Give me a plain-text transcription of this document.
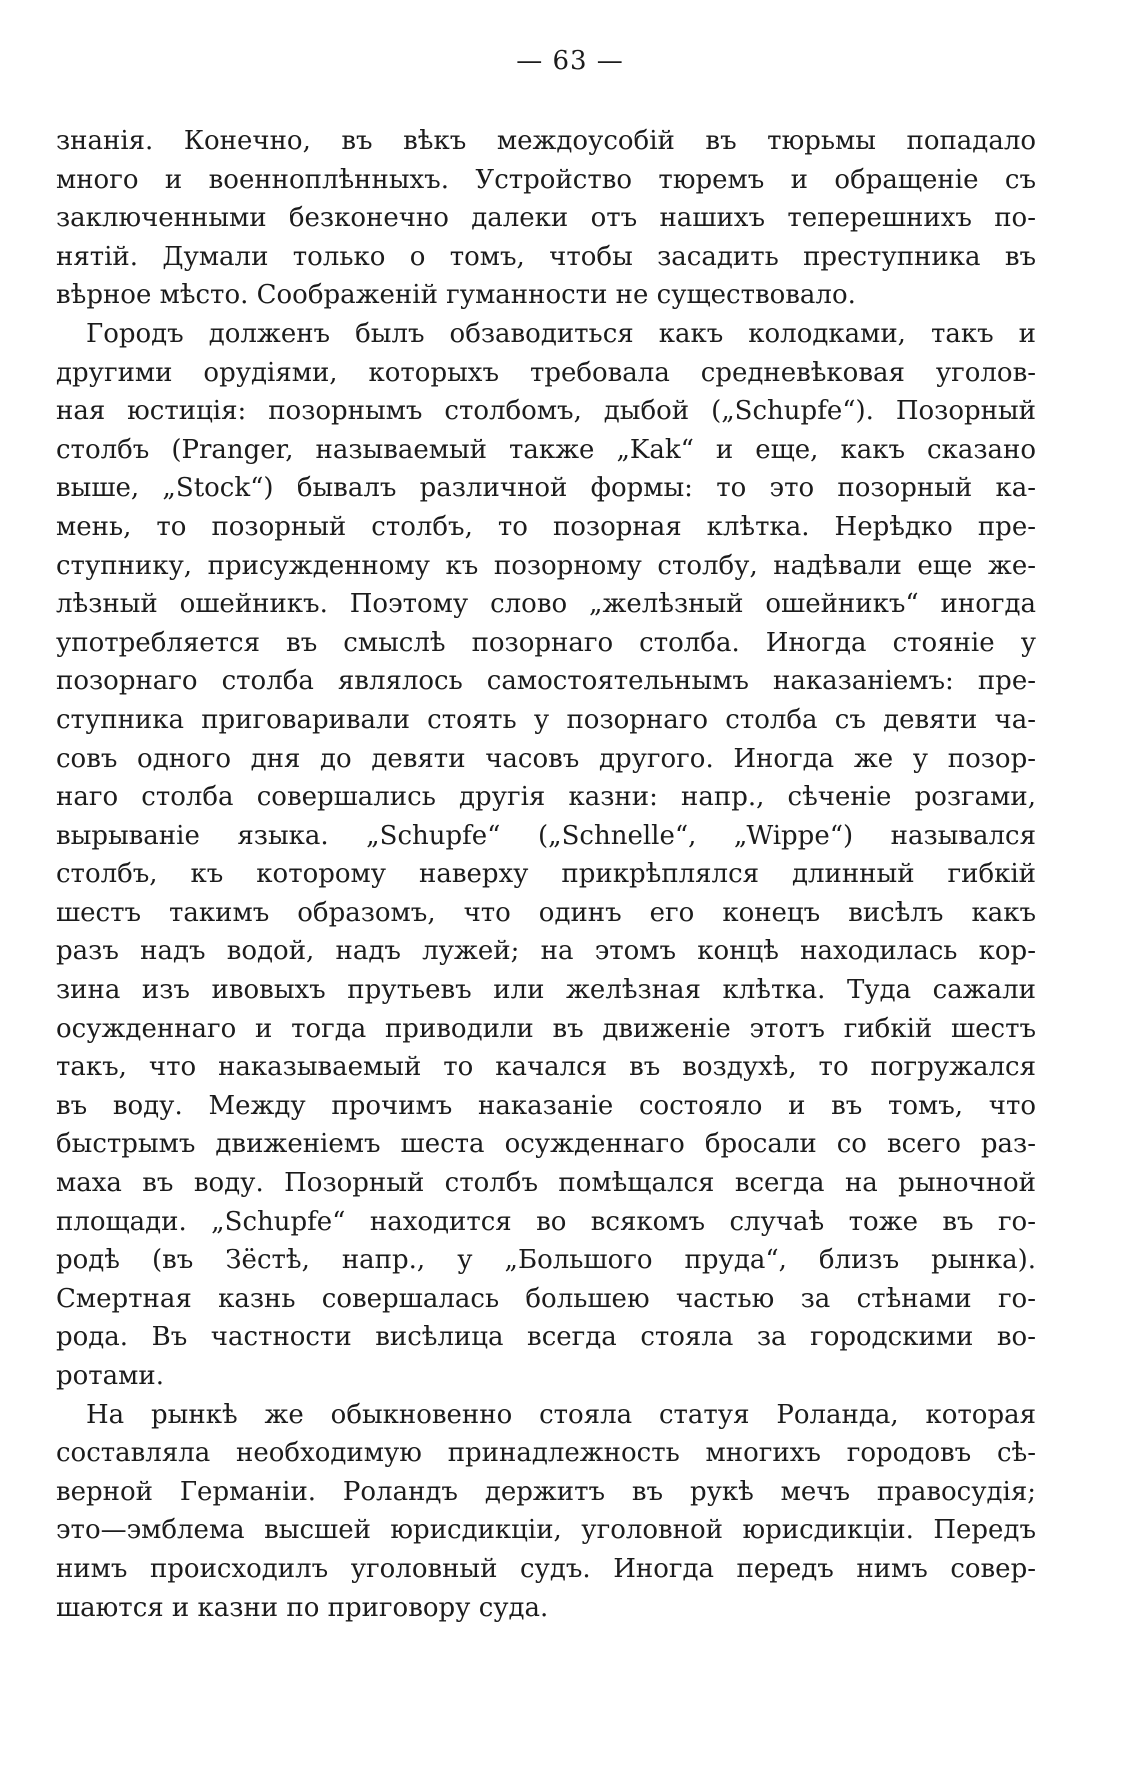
— 63 —
знанія. Конечно, въ вѣкъ междоусобій въ тюрьмы попадало
много и военноплѣнныхъ. Устройство тюремъ и обращеніе съ
заключенными безконечно далеки отъ нашихъ теперешнихъ по-
нятій. Думали только о томъ, чтобы засадить преступника въ
вѣрное мѣсто. Соображеній гуманности не существовало.
Городъ долженъ былъ обзаводиться какъ колодками, такъ и
другими орудіями, которыхъ требовала средневѣковая уголов-
ная юстиція: позорнымъ столбомъ, дыбой („Schupfe“). Позорный
столбъ (Pranger, называемый также „Kak“ и еще, какъ сказано
выше, „Stock“) бывалъ различной формы: то это позорный ка-
мень, то позорный столбъ, то позорная клѣтка. Нерѣдко пре-
ступнику, присужденному къ позорному столбу, надѣвали еще же-
лѣзный ошейникъ. Поэтому слово „желѣзный ошейникъ“ иногда
употребляется въ смыслѣ позорнаго столба. Иногда стояніе у
позорнаго столба являлось самостоятельнымъ наказаніемъ: пре-
ступника приговаривали стоять у позорнаго столба съ девяти ча-
совъ одного дня до девяти часовъ другого. Иногда же у позор-
наго столба совершались другія казни: напр., сѣченіе розгами,
вырываніе языка. „Schupfe“ („Schnelle“, „Wippe“) назывался
столбъ, къ которому наверху прикрѣплялся длинный гибкій
шестъ такимъ образомъ, что одинъ его конецъ висѣлъ какъ
разъ надъ водой, надъ лужей; на этомъ концѣ находилась кор-
зина изъ ивовыхъ прутьевъ или желѣзная клѣтка. Туда сажали
осужденнаго и тогда приводили въ движеніе этотъ гибкій шестъ
такъ, что наказываемый то качался въ воздухѣ, то погружался
въ воду. Между прочимъ наказаніе состояло и въ томъ, что
быстрымъ движеніемъ шеста осужденнаго бросали со всего раз-
маха въ воду. Позорный столбъ помѣщался всегда на рыночной
площади. „Schupfe“ находится во всякомъ случаѣ тоже въ го-
родѣ (въ Зёстѣ, напр., у „Большого пруда“, близъ рынка).
Смертная казнь совершалась большею частью за стѣнами го-
рода. Въ частности висѣлица всегда стояла за городскими во-
ротами.
На рынкѣ же обыкновенно стояла статуя Роланда, которая
составляла необходимую принадлежность многихъ городовъ сѣ-
верной Германіи. Роландъ держитъ въ рукѣ мечъ правосудія;
это—эмблема высшей юрисдикціи, уголовной юрисдикціи. Передъ
нимъ происходилъ уголовный судъ. Иногда передъ нимъ совер-
шаются и казни по приговору суда.
